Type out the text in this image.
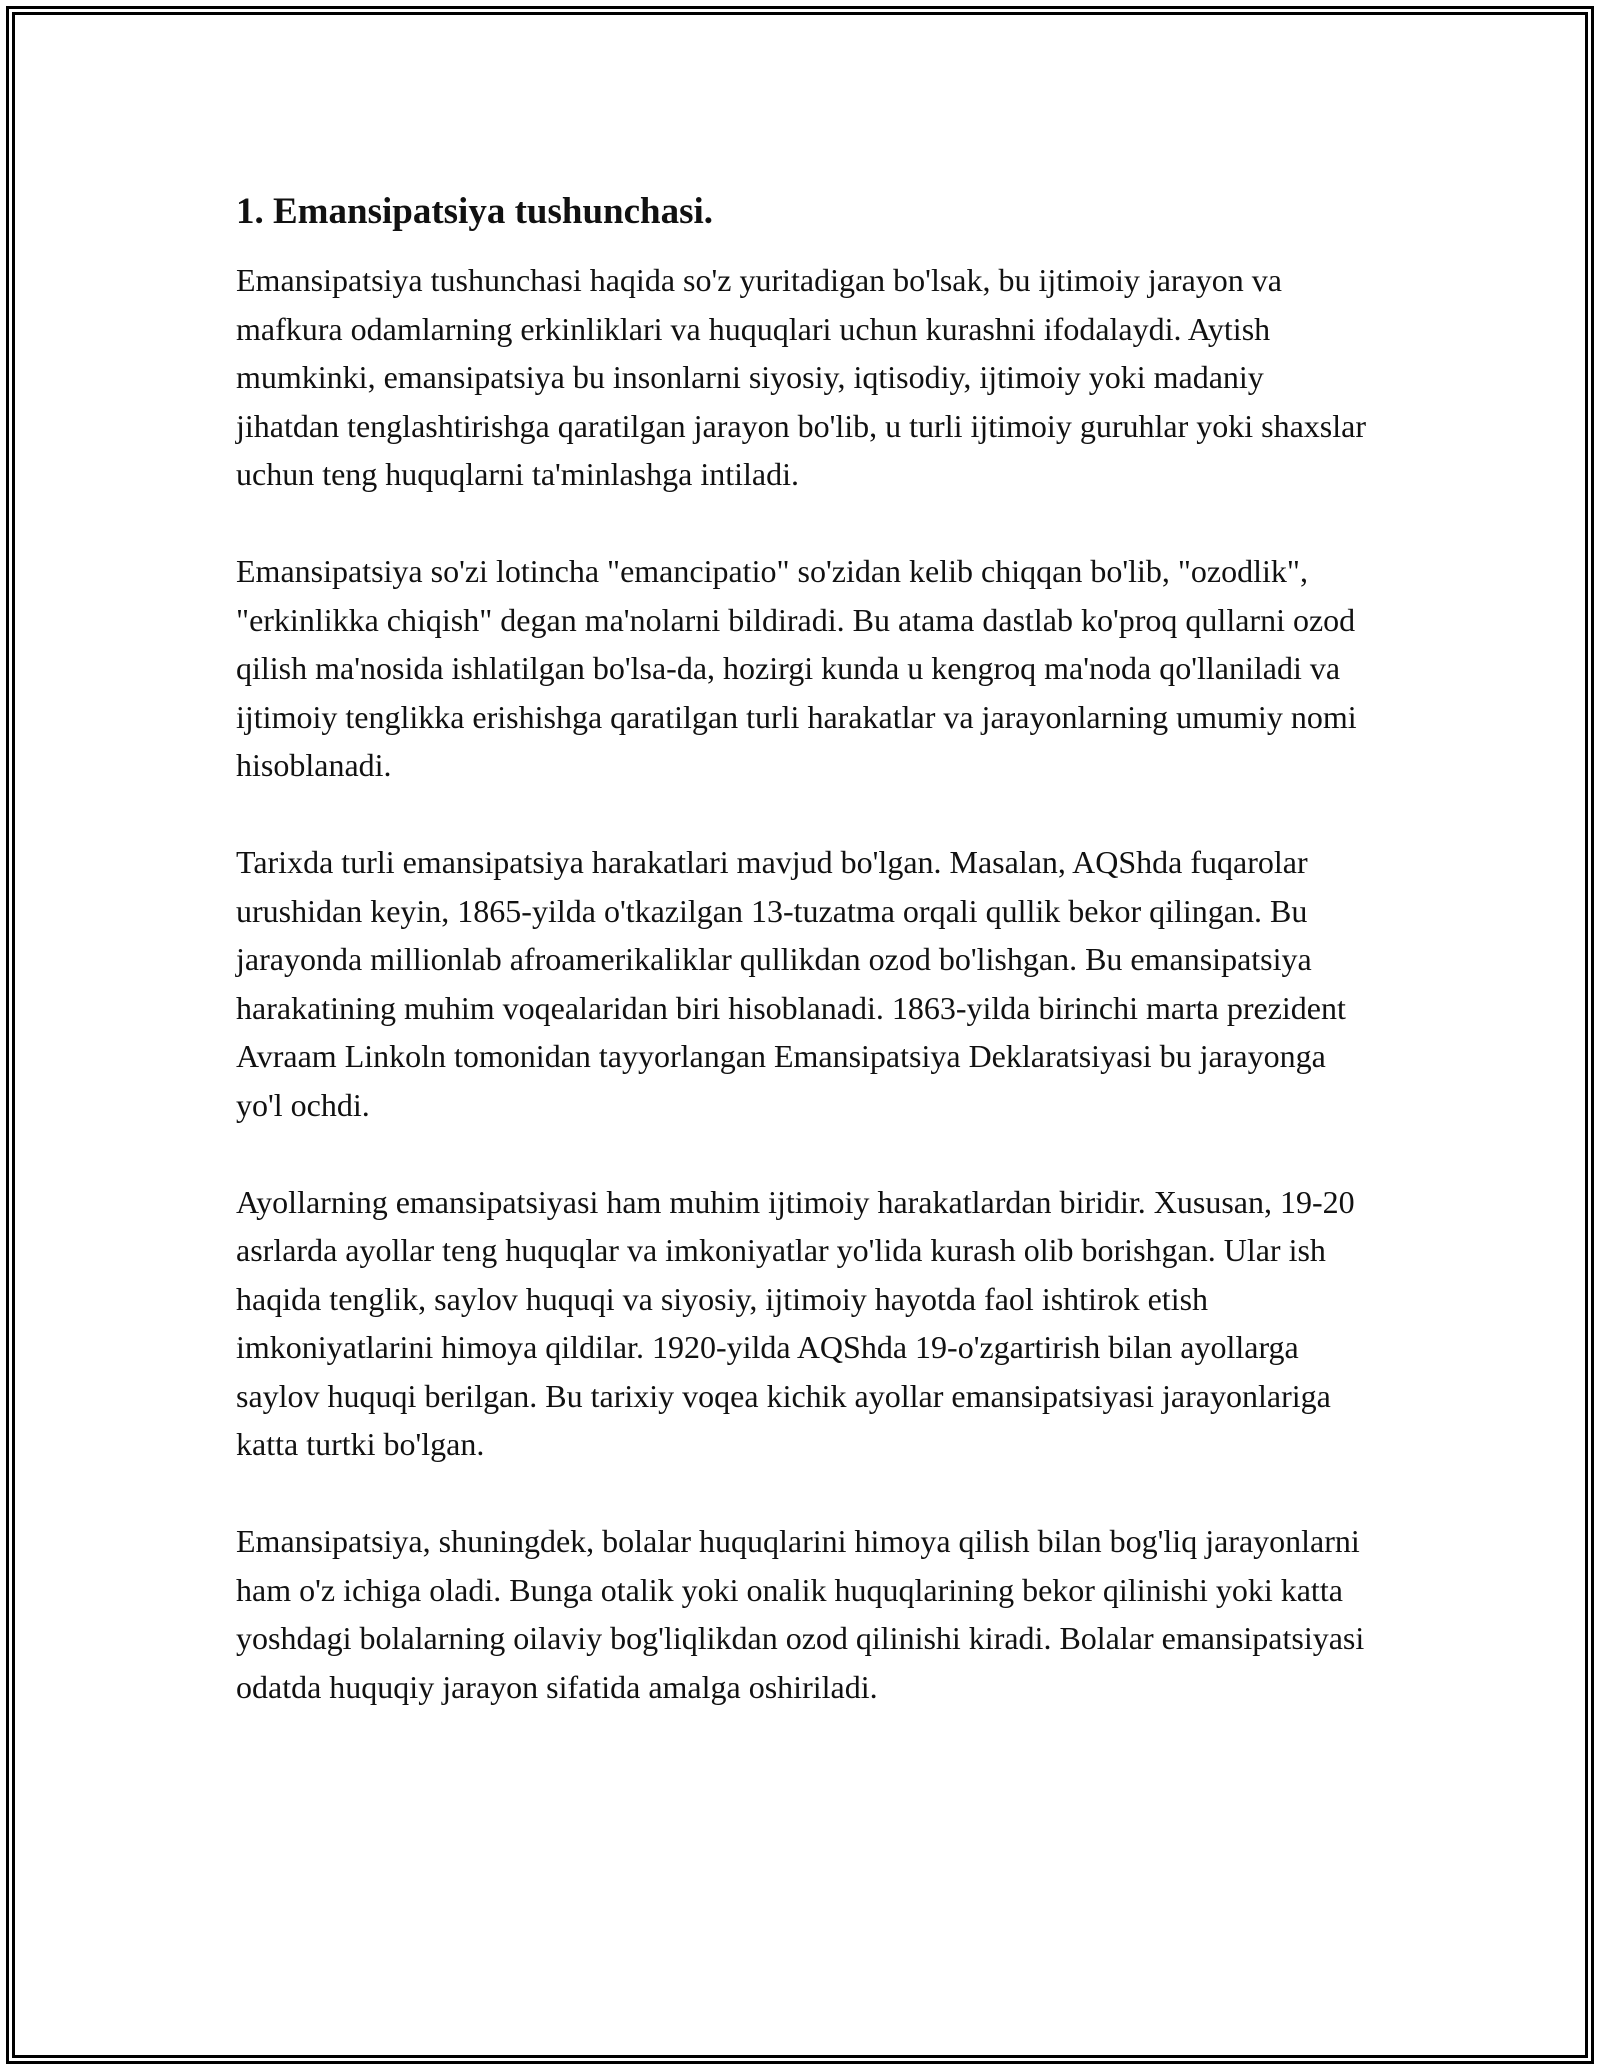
1. Emansipatsiya tushunchasi.

Emansipatsiya tushunchasi haqida so'z yuritadigan bo'lsak, bu ijtimoiy jarayon va mafkura odamlarning erkinliklari va huquqlari uchun kurashni ifodalaydi. Aytish mumkinki, emansipatsiya bu insonlarni siyosiy, iqtisodiy, ijtimoiy yoki madaniy jihatdan tenglashtirishga qaratilgan jarayon bo'lib, u turli ijtimoiy guruhlar yoki shaxslar uchun teng huquqlarni ta'minlashga intiladi.

Emansipatsiya so'zi lotincha "emancipatio" so'zidan kelib chiqqan bo'lib, "ozodlik", "erkinlikka chiqish" degan ma'nolarni bildiradi. Bu atama dastlab ko'proq qullarni ozod qilish ma'nosida ishlatilgan bo'lsa-da, hozirgi kunda u kengroq ma'noda qo'llaniladi va ijtimoiy tenglikka erishishga qaratilgan turli harakatlar va jarayonlarning umumiy nomi hisoblanadi.

Tarixda turli emansipatsiya harakatlari mavjud bo'lgan. Masalan, AQShda fuqarolar urushidan keyin, 1865-yilda o'tkazilgan 13-tuzatma orqali qullik bekor qilingan. Bu jarayonda millionlab afroamerikaliklar qullikdan ozod bo'lishgan. Bu emansipatsiya harakatining muhim voqealaridan biri hisoblanadi. 1863-yilda birinchi marta prezident Avraam Linkoln tomonidan tayyorlangan Emansipatsiya Deklaratsiyasi bu jarayonga yo'l ochdi.

Ayollarning emansipatsiyasi ham muhim ijtimoiy harakatlardan biridir. Xususan, 19-20 asrlarda ayollar teng huquqlar va imkoniyatlar yo'lida kurash olib borishgan. Ular ish haqida tenglik, saylov huquqi va siyosiy, ijtimoiy hayotda faol ishtirok etish imkoniyatlarini himoya qildilar. 1920-yilda AQShda 19-o'zgartirish bilan ayollarga saylov huquqi berilgan. Bu tarixiy voqea kichik ayollar emansipatsiyasi jarayonlariga katta turtki bo'lgan.

Emansipatsiya, shuningdek, bolalar huquqlarini himoya qilish bilan bog'liq jarayonlarni ham o'z ichiga oladi. Bunga otalik yoki onalik huquqlarining bekor qilinishi yoki katta yoshdagi bolalarning oilaviy bog'liqlikdan ozod qilinishi kiradi. Bolalar emansipatsiyasi odatda huquqiy jarayon sifatida amalga oshiriladi.
